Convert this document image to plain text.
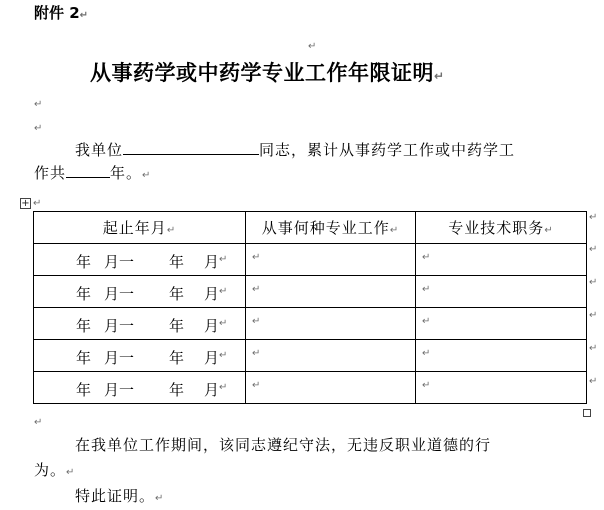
附件 2↵
↵
从事药学或中药学专业工作年限证明↵
↵
↵
我单位	同志，累计从事药学工作或中药学工
作共	年。↵
+ ↵
起止年月↵	从事何种专业工作↵	专业技术职务↵

年 月一 年 月 ↵	↵	↵

年 月一 年 月 ↵	↵	↵

年 月一 年 月 ↵	↵	↵

年 月一 年 月 ↵	↵	↵

年 月一 年 月 ↵	↵	↵
↵
↵
↵
↵
↵
↵
↵
在我单位工作期间，该同志遵纪守法，无违反职业道德的行
为。↵
特此证明。↵
